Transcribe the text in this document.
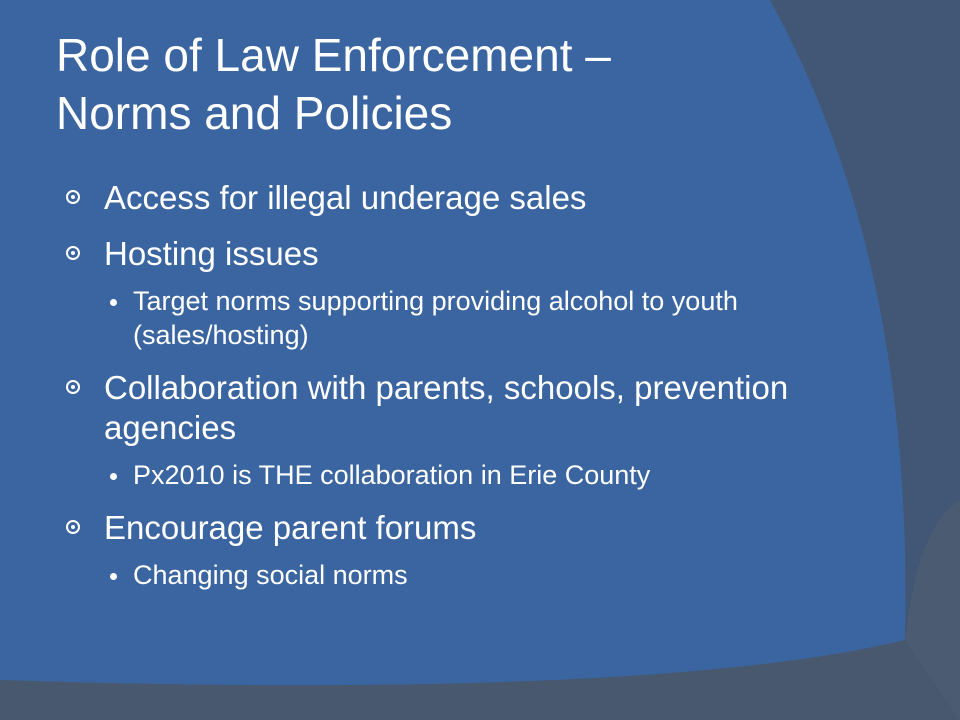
Role of Law Enforcement –
Norms and Policies
Access for illegal underage sales
Hosting issues
Target norms supporting providing alcohol to youth (sales/hosting)
Collaboration with parents, schools, prevention agencies
Px2010 is THE collaboration in Erie County
Encourage parent forums
Changing social norms
